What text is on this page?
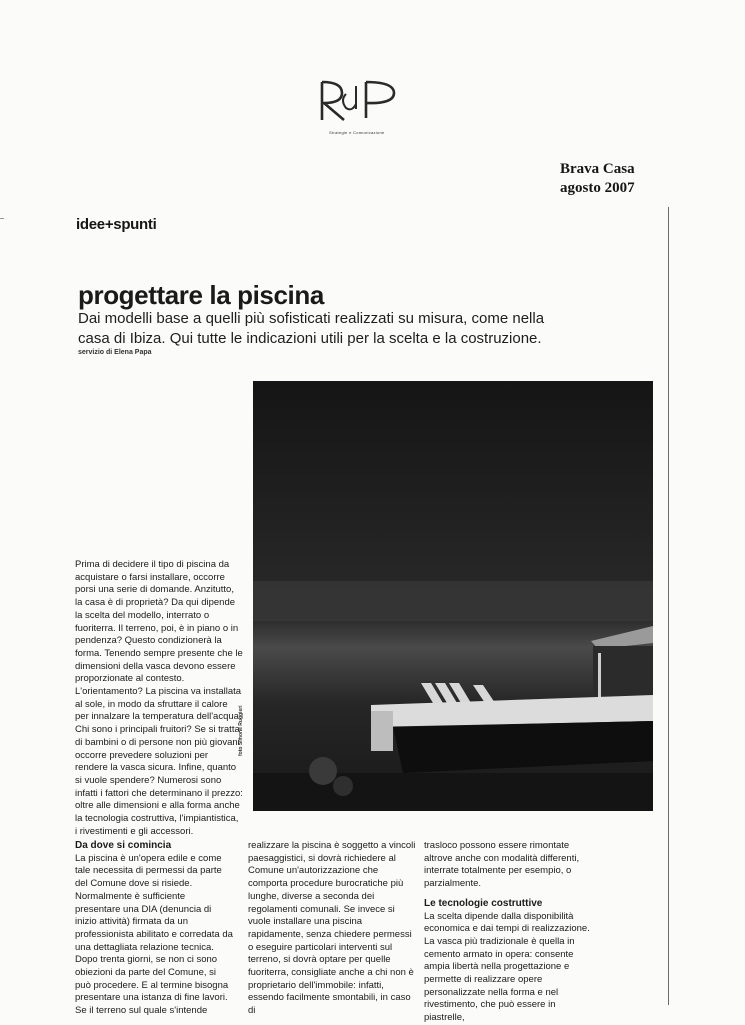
Strategie e Comunicazione
Brava Casa
agosto 2007
idee+spunti
progettare la piscina
Dai modelli base a quelli più sofisticati realizzati su misura, come nella casa di Ibiza. Qui tutte le indicazioni utili per la scelta e la costruzione.
servizio di Elena Papa
foto Simone Ruggieri
Prima di decidere il tipo di piscina da acquistare o farsi installare, occorre porsi una serie di domande. Anzitutto, la casa è di proprietà? Da qui dipende la scelta del modello, interrato o fuoriterra. Il terreno, poi, è in piano o in pendenza? Questo condizionerà la forma. Tenendo sempre presente che le dimensioni della vasca devono essere proporzionate al contesto. L'orientamento? La piscina va installata al sole, in modo da sfruttare il calore per innalzare la temperatura dell'acqua. Chi sono i principali fruitori? Se si tratta di bambini o di persone non più giovani occorre prevedere soluzioni per rendere la vasca sicura. Infine, quanto si vuole spendere? Numerosi sono infatti i fattori che determinano il prezzo: oltre alle dimensioni e alla forma anche la tecnologia costruttiva, l'impiantistica, i rivestimenti e gli accessori.

Da dove si comincia

La piscina è un'opera edile e come tale necessita di permessi da parte del Comune dove si risiede. Normalmente è sufficiente presentare una DIA (denuncia di inizio attività) firmata da un professionista abilitato e corredata da una dettagliata relazione tecnica. Dopo trenta giorni, se non ci sono obiezioni da parte del Comune, si può procedere. E al termine bisogna presentare una istanza di fine lavori. Se il terreno sul quale s'intende

realizzare la piscina è soggetto a vincoli paesaggistici, si dovrà richiedere al Comune un'autorizzazione che comporta procedure burocratiche più lunghe, diverse a seconda dei regolamenti comunali. Se invece si vuole installare una piscina rapidamente, senza chiedere permessi o eseguire particolari interventi sul terreno, si dovrà optare per quelle fuoriterra, consigliate anche a chi non è proprietario dell'immobile: infatti, essendo facilmente smontabili, in caso di

trasloco possono essere rimontate altrove anche con modalità differenti, interrate totalmente per esempio, o parzialmente.

Le tecnologie costruttive

La scelta dipende dalla disponibilità economica e dai tempi di realizzazione. La vasca più tradizionale è quella in cemento armato in opera: consente ampia libertà nella progettazione e permette di realizzare opere personalizzate nella forma e nel rivestimento, che può essere in piastrelle,
